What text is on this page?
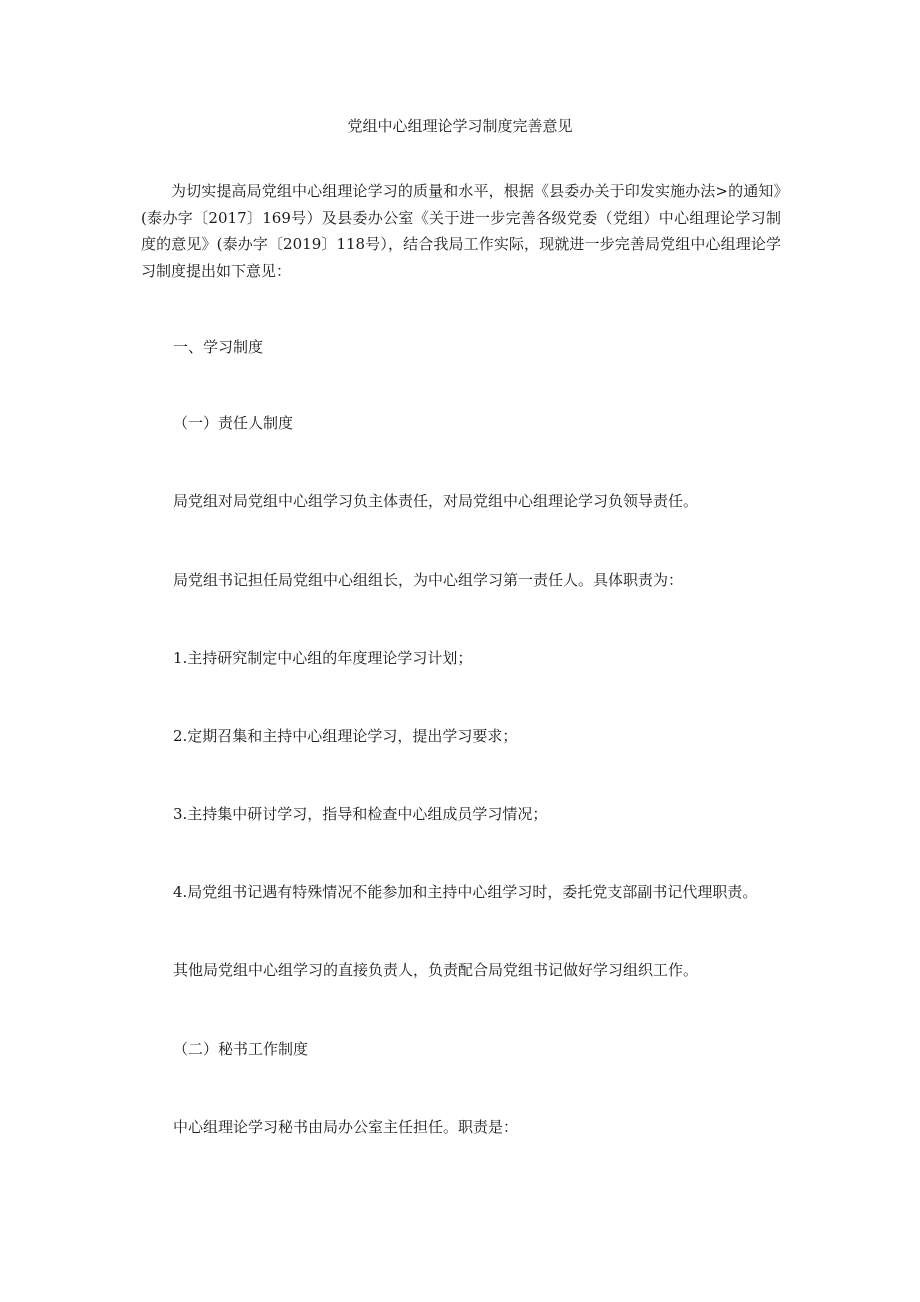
党组中心组理论学习制度完善意见

为切实提高局党组中心组理论学习的质量和水平，根据《县委办关于印发实施办法>的通知》(泰办字〔2017〕169号）及县委办公室《关于进一步完善各级党委（党组）中心组理论学习制度的意见》(泰办字〔2019〕118号），结合我局工作实际，现就进一步完善局党组中心组理论学习制度提出如下意见：

一、学习制度

（一）责任人制度

局党组对局党组中心组学习负主体责任，对局党组中心组理论学习负领导责任。

局党组书记担任局党组中心组组长，为中心组学习第一责任人。具体职责为：

1.主持研究制定中心组的年度理论学习计划；

2.定期召集和主持中心组理论学习，提出学习要求；

3.主持集中研讨学习，指导和检查中心组成员学习情况；

4.局党组书记遇有特殊情况不能参加和主持中心组学习时，委托党支部副书记代理职责。

其他局党组中心组学习的直接负责人，负责配合局党组书记做好学习组织工作。

（二）秘书工作制度

中心组理论学习秘书由局办公室主任担任。职责是：
